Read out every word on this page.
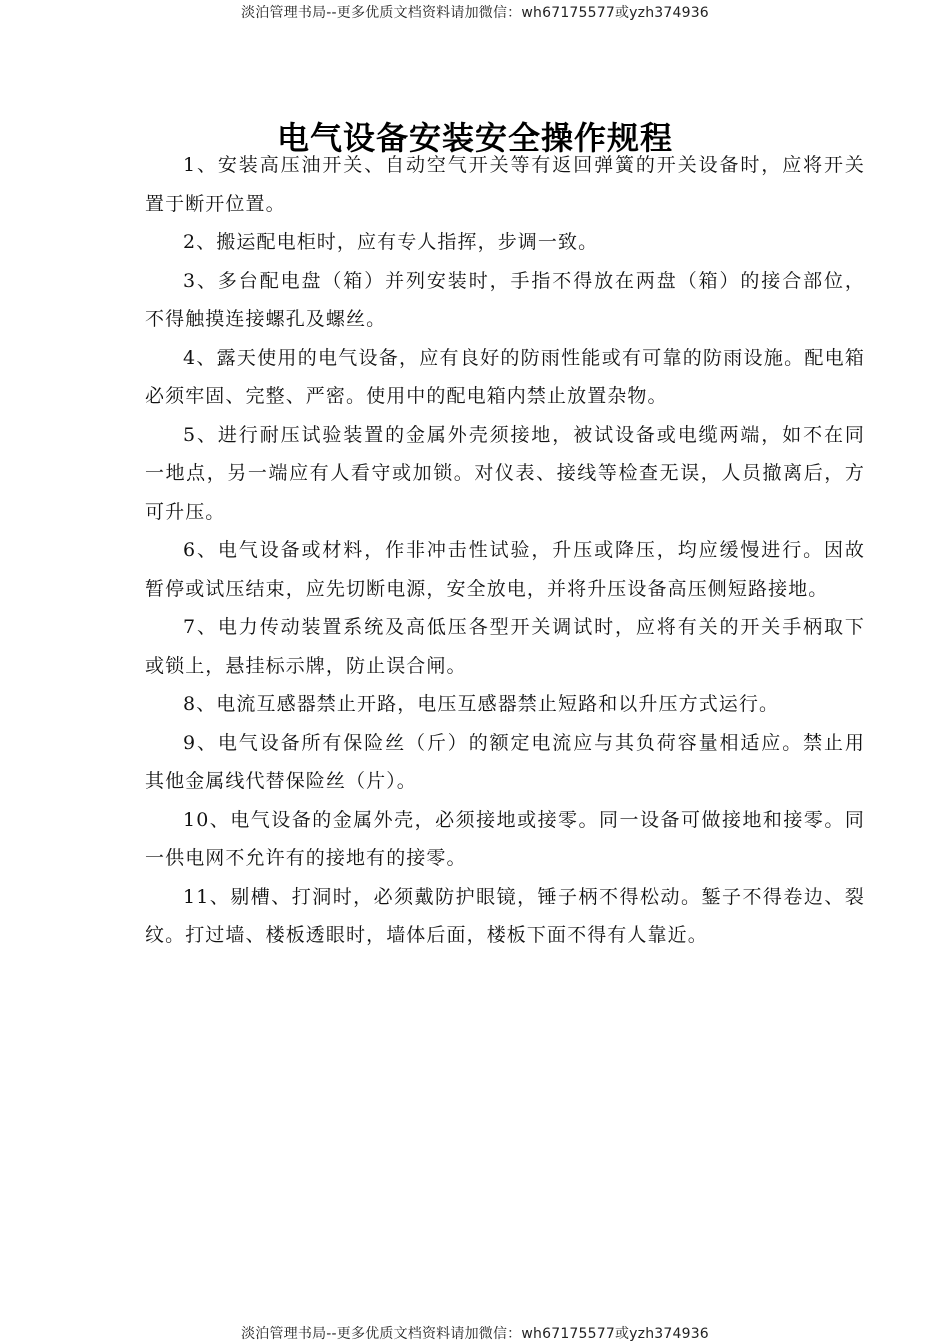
淡泊管理书局--更多优质文档资料请加微信：wh67175577或yzh374936
电气设备安装安全操作规程

1、安装高压油开关、自动空气开关等有返回弹簧的开关设备时，应将开关 置于断开位置。

2、搬运配电柜时，应有专人指挥，步调一致。

3、多台配电盘（箱）并列安装时，手指不得放在两盘（箱）的接合部位， 不得触摸连接螺孔及螺丝。

4、露天使用的电气设备，应有良好的防雨性能或有可靠的防雨设施。配电箱必须牢固、完整、严密。使用中的配电箱内禁止放置杂物。

5、进行耐压试验装置的金属外壳须接地，被试设备或电缆两端，如不在同 一地点，另一端应有人看守或加锁。对仪表、接线等检查无误，人员撤离后，方 可升压。

6、电气设备或材料，作非冲击性试验，升压或降压，均应缓慢进行。因故 暂停或试压结束，应先切断电源，安全放电，并将升压设备高压侧短路接地。

7、电力传动装置系统及高低压各型开关调试时，应将有关的开关手柄取下 或锁上，悬挂标示牌，防止误合闸。

8、电流互感器禁止开路，电压互感器禁止短路和以升压方式运行。

9、电气设备所有保险丝（斤）的额定电流应与其负荷容量相适应。禁止用 其他金属线代替保险丝（片）。

10、电气设备的金属外壳，必须接地或接零。同一设备可做接地和接零。同 一供电网不允许有的接地有的接零。

11、剔槽、打洞时，必须戴防护眼镜，锤子柄不得松动。錾子不得卷边、裂 纹。打过墙、楼板透眼时，墙体后面，楼板下面不得有人靠近。

淡泊管理书局--更多优质文档资料请加微信：wh67175577或yzh374936
